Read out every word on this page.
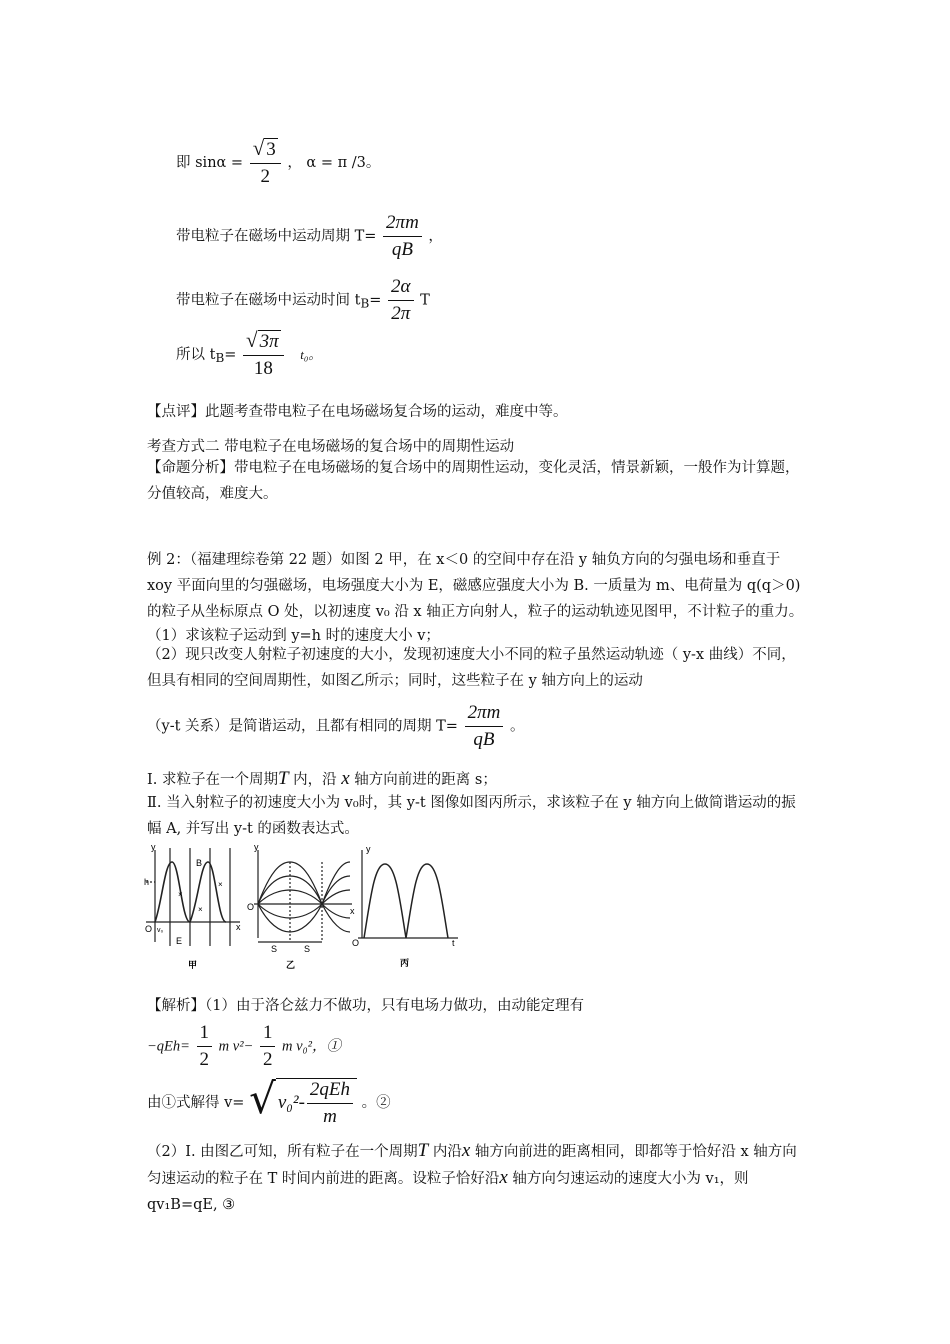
即 $\sin\alpha = \frac{√ 3}{2}$ ， α = π /3。
带电粒子在磁场中运动周期 $T= \frac{2\pi m}{qB}$ ，
带电粒子在磁场中运动时间 $t_B= \frac{2\alpha}{2\pi}$ T
所以 $t_B= \frac{√ 3\pi}{18} t_0$。
【点评】此题考查带电粒子在电场磁场复合场的运动，难度中等。
考查方式二 带电粒子在电场磁场的复合场中的周期性运动
【命题分析】带电粒子在电场磁场的复合场中的周期性运动，变化灵活，情景新颖，一般作为计算题，分值较高，难度大。
例 2：（福建理综卷第 22 题）如图 2 甲，在 x＜0 的空间中存在沿 y 轴负方向的匀强电场和垂直于 xoy 平面向里的匀强磁场，电场强度大小为 E，磁感应强度大小为 B. 一质量为 m、电荷量为 q(q＞0) 的粒子从坐标原点 O 处，以初速度 v₀ 沿 x 轴正方向射人，粒子的运动轨迹见图甲，不计粒子的重力。
（1）求该粒子运动到 y=h 时的速度大小 v；
（2）现只改变人射粒子初速度的大小，发现初速度大小不同的粒子虽然运动轨迹（ y-x 曲线）不同，但具有相同的空间周期性，如图乙所示；同时，这些粒子在 y 轴方向上的运动
（y-t 关系）是简谐运动，且都有相同的周期 $T= \frac{2\pi m}{qB}$ 。
Ⅰ. 求粒子在一个周期T 内，沿 x 轴方向前进的距离 s；
Ⅱ. 当入射粒子的初速度大小为 v₀时，其 y-t 图像如图丙所示，求该粒子在 y 轴方向上做简谐运动的振幅 A, 并写出 y-t 的函数表达式。
y
h
B
O v₀
E
x
×
×
×
甲
y
O	x
S	S
乙
y
O	t
丙
【解析】（1）由于洛仑兹力不做功，只有电场力做功，由动能定理有
$-qEh= \frac{1}{2}$ m $v^2- \frac{1}{2}$ m v₀²，①
由①式解得 v= √ $v_0^2 - \frac{\text{2qEh}}{m}$ 。②
（2）Ⅰ. 由图乙可知，所有粒子在一个周期T 内沿x 轴方向前进的距离相同，即都等于恰好沿 x 轴方向匀速运动的粒子在 T 时间内前进的距离。设粒子恰好沿x 轴方向匀速运动的速度大小为 v₁，则 qv₁B=qE, ③
